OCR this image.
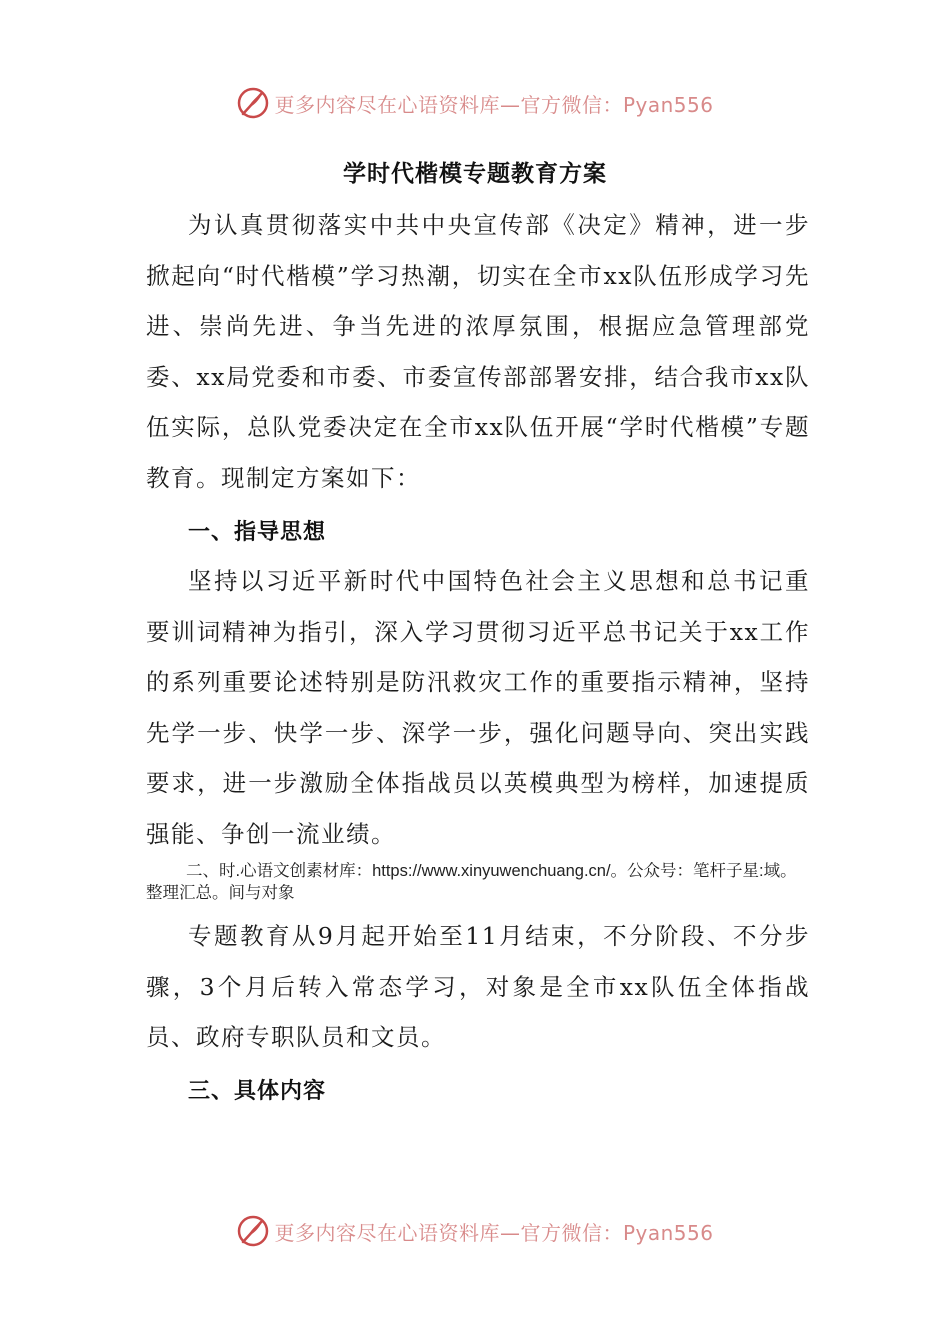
更多内容尽在心语资料库—官方微信：Pyan556
学时代楷模专题教育方案

为认真贯彻落实中共中央宣传部《决定》精神，进一步掀起向“时代楷模”学习热潮，切实在全市xx队伍形成学习先进、崇尚先进、争当先进的浓厚氛围，根据应急管理部党委、xx局党委和市委、市委宣传部部署安排，结合我市xx队伍实际，总队党委决定在全市xx队伍开展“学时代楷模”专题教育。现制定方案如下：

一、指导思想

坚持以习近平新时代中国特色社会主义思想和总书记重要训词精神为指引，深入学习贯彻习近平总书记关于xx工作的系列重要论述特别是防汛救灾工作的重要指示精神，坚持先学一步、快学一步、深学一步，强化问题导向、突出实践要求，进一步激励全体指战员以英模典型为榜样，加速提质强能、争创一流业绩。

二、时.心语文创素材库：https://www.xinyuwenchuang.cn/。公众号：笔杆子星:域。整理汇总。间与对象

专题教育从9月起开始至11月结束，不分阶段、不分步骤，3个月后转入常态学习，对象是全市xx队伍全体指战员、政府专职队员和文员。

三、具体内容
更多内容尽在心语资料库—官方微信：Pyan556
